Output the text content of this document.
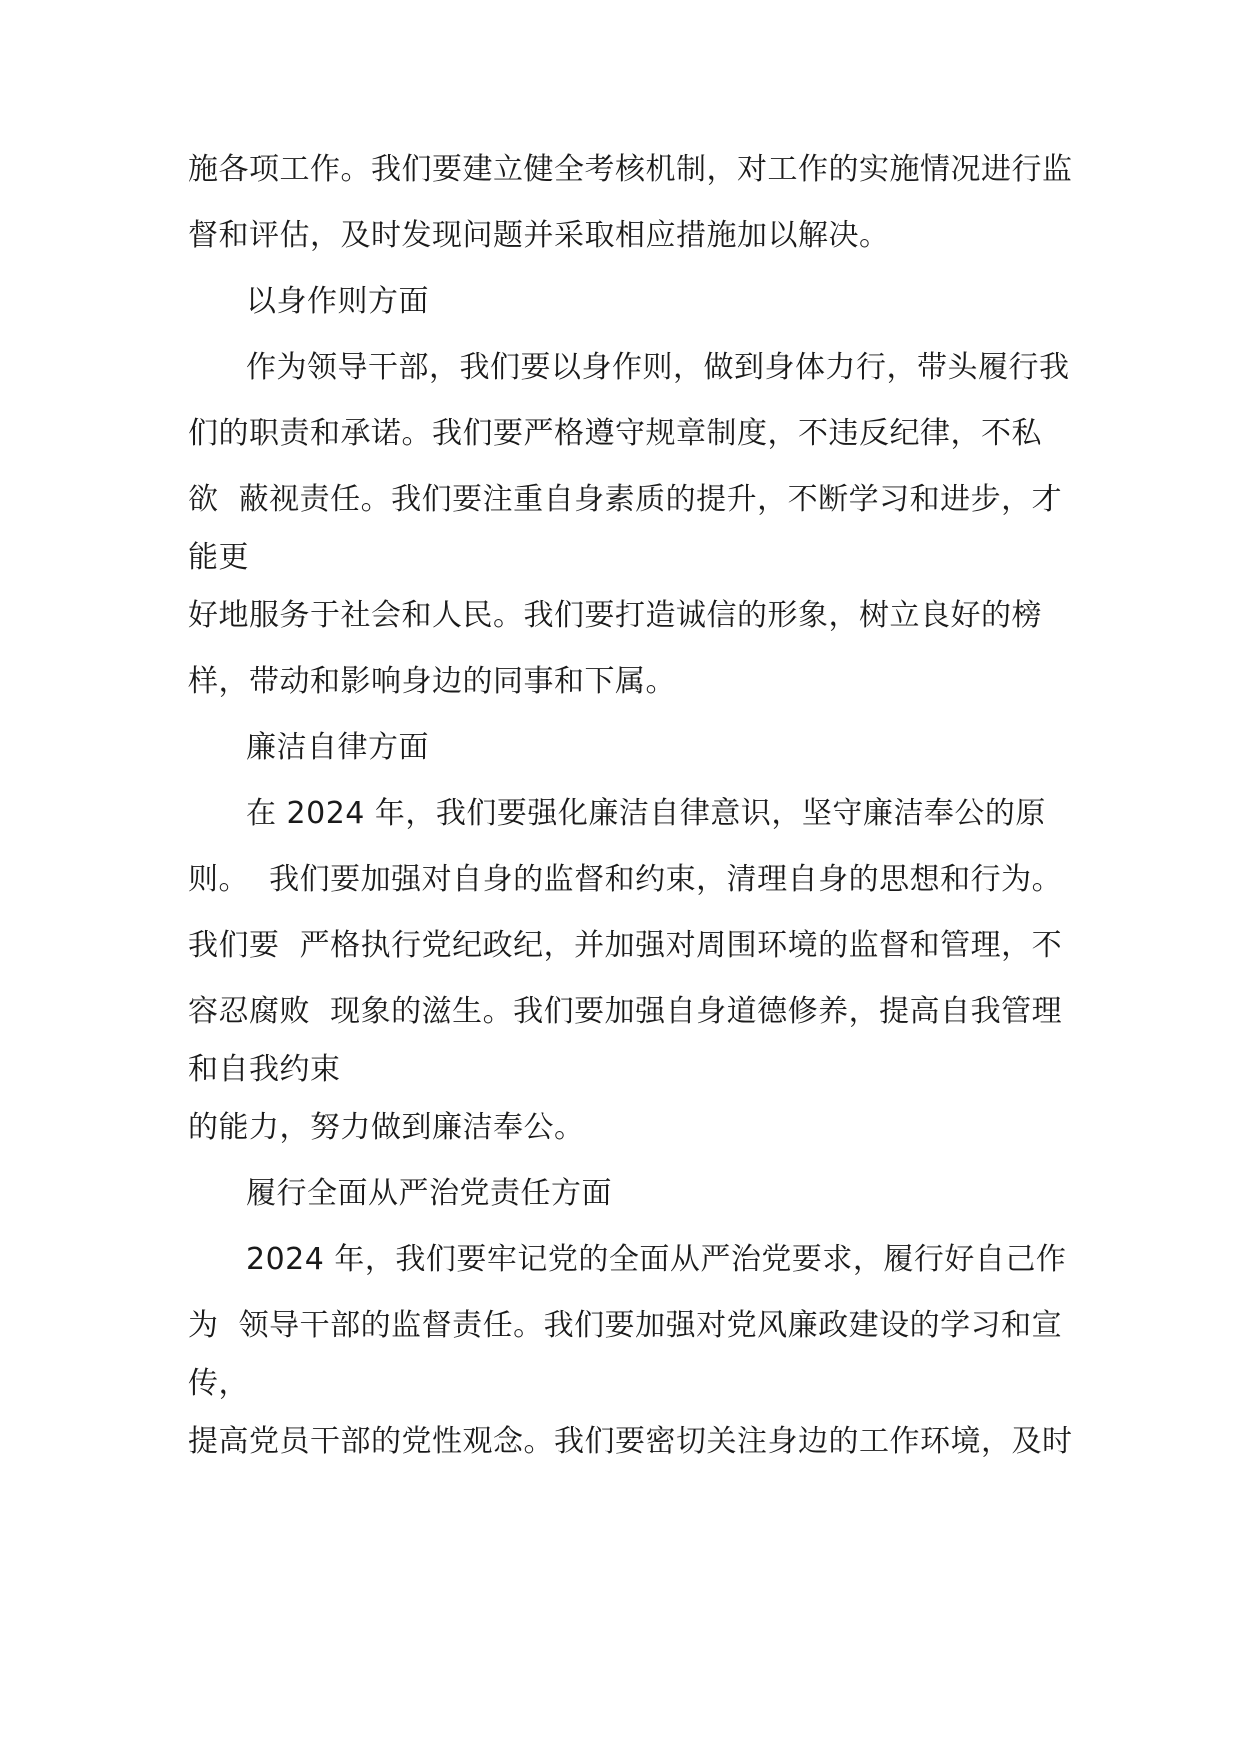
施各项工作。我们要建立健全考核机制，对工作的实施情况进行监
督和评估，及时发现问题并采取相应措施加以解决。
以身作则方面
作为领导干部，我们要以身作则，做到身体力行，带头履行我
们的职责和承诺。我们要严格遵守规章制度，不违反纪律，不私
欲  蔽视责任。我们要注重自身素质的提升，不断学习和进步，才
能更
好地服务于社会和人民。我们要打造诚信的形象，树立良好的榜
样，带动和影响身边的同事和下属。
廉洁自律方面
在 2024 年，我们要强化廉洁自律意识，坚守廉洁奉公的原
则。  我们要加强对自身的监督和约束，清理自身的思想和行为。
我们要  严格执行党纪政纪，并加强对周围环境的监督和管理，不
容忍腐败  现象的滋生。我们要加强自身道德修养，提高自我管理
和自我约束
的能力，努力做到廉洁奉公。
履行全面从严治党责任方面
2024 年，我们要牢记党的全面从严治党要求，履行好自己作
为  领导干部的监督责任。我们要加强对党风廉政建设的学习和宣
传，
提高党员干部的党性观念。我们要密切关注身边的工作环境，及时
